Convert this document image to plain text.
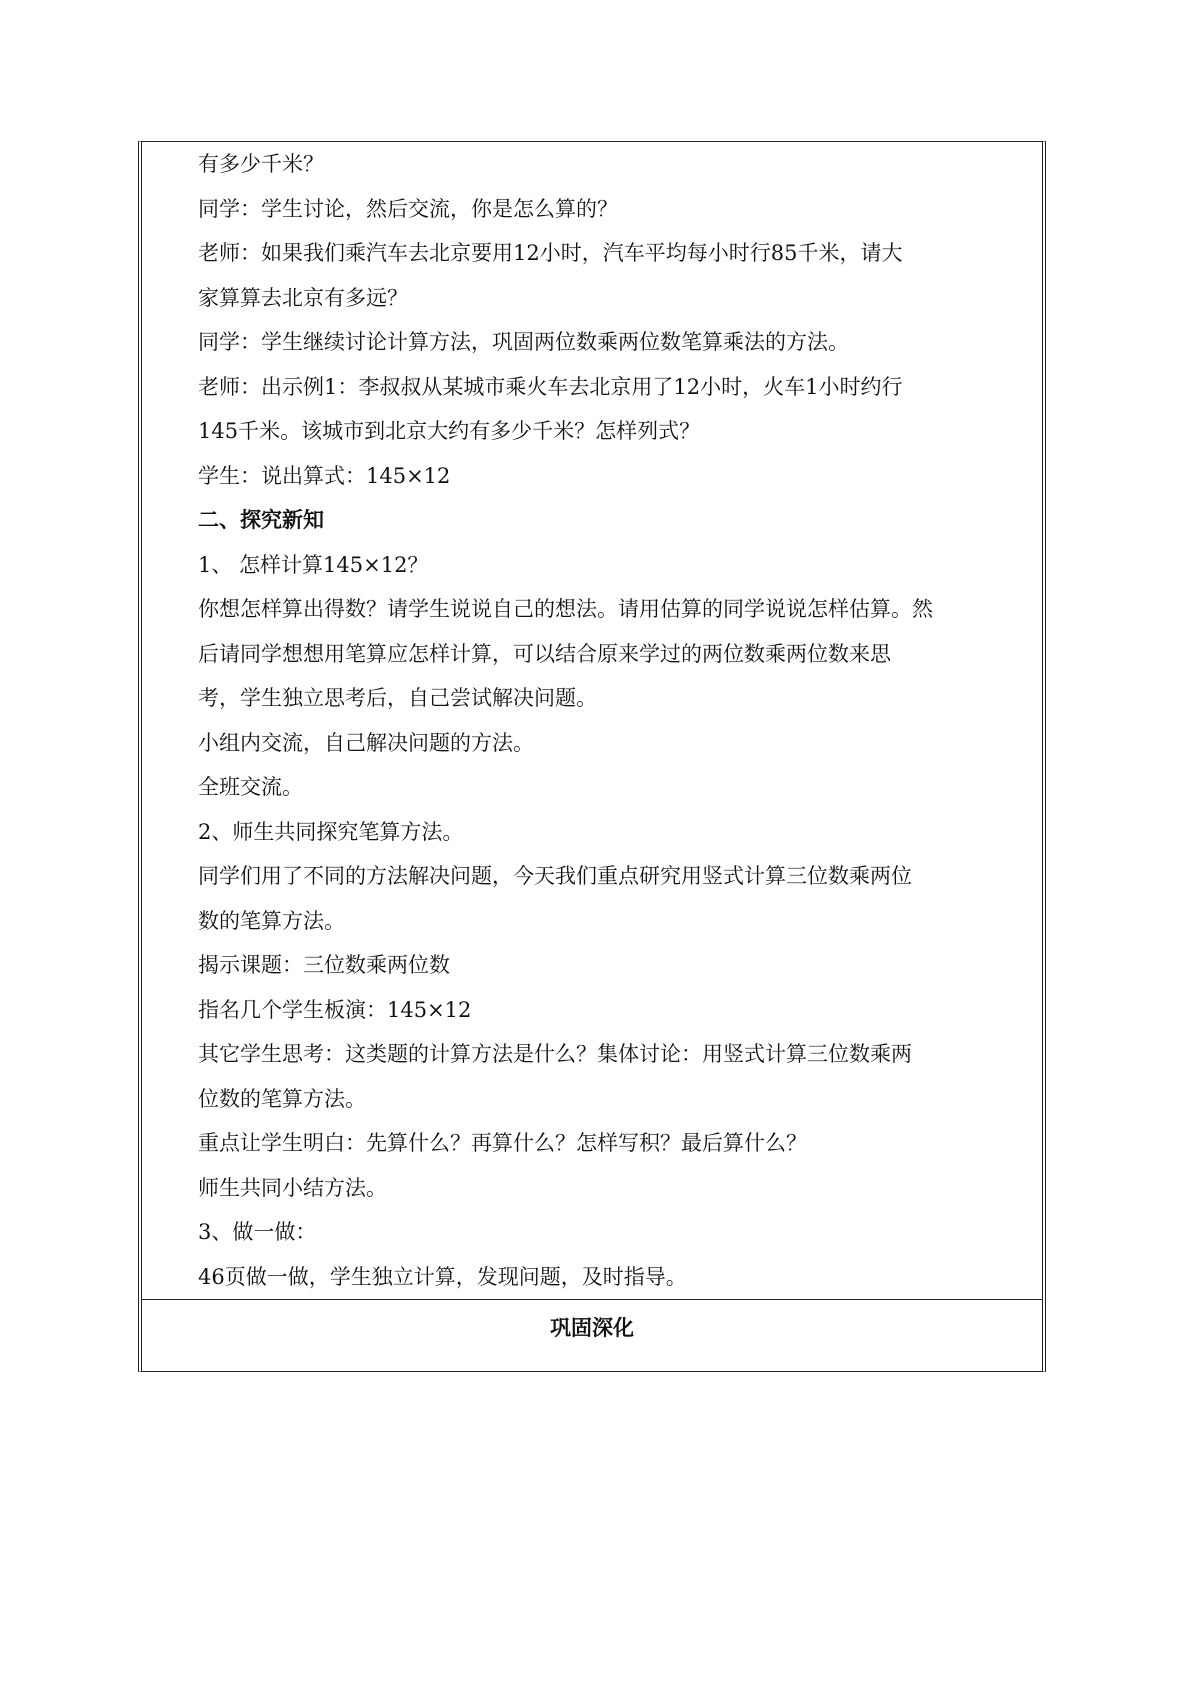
有多少千米？
同学：学生讨论，然后交流，你是怎么算的？
老师：如果我们乘汽车去北京要用12小时，汽车平均每小时行85千米，请大
家算算去北京有多远？
同学：学生继续讨论计算方法，巩固两位数乘两位数笔算乘法的方法。
老师：出示例1：李叔叔从某城市乘火车去北京用了12小时，火车1小时约行
145千米。该城市到北京大约有多少千米？怎样列式？
学生：说出算式：145×12
二、探究新知
1、 怎样计算145×12？
你想怎样算出得数？请学生说说自己的想法。请用估算的同学说说怎样估算。然
后请同学想想用笔算应怎样计算，可以结合原来学过的两位数乘两位数来思
考，学生独立思考后，自己尝试解决问题。
小组内交流，自己解决问题的方法。
全班交流。
2、师生共同探究笔算方法。
同学们用了不同的方法解决问题，今天我们重点研究用竖式计算三位数乘两位
数的笔算方法。
揭示课题：三位数乘两位数
指名几个学生板演：145×12
其它学生思考：这类题的计算方法是什么？集体讨论：用竖式计算三位数乘两
位数的笔算方法。
重点让学生明白：先算什么？再算什么？怎样写积？最后算什么？
师生共同小结方法。
3、做一做：
46页做一做，学生独立计算，发现问题，及时指导。
巩固深化
